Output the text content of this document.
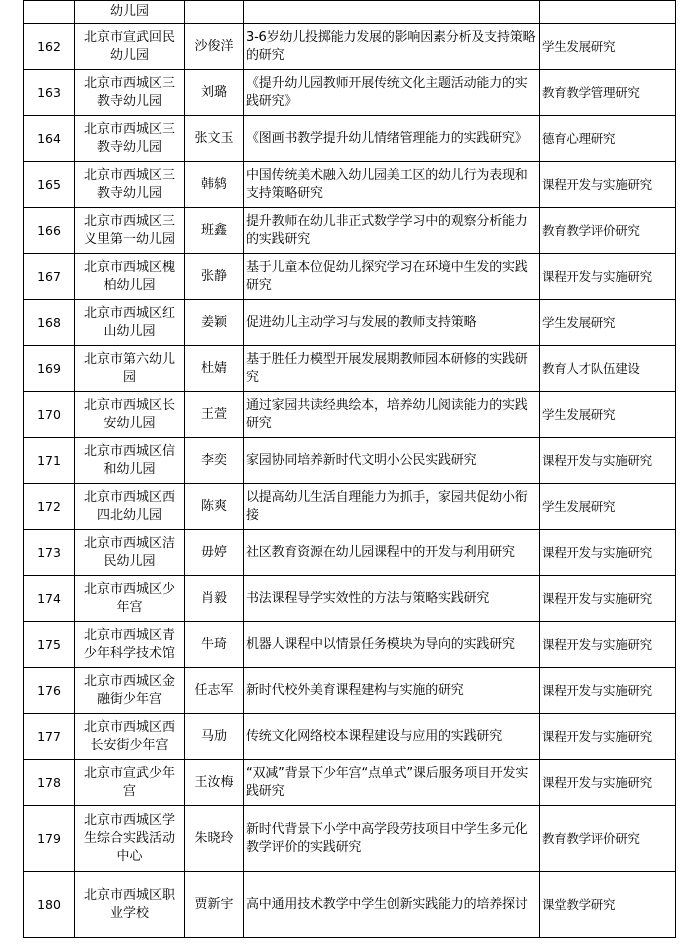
	幼儿园			
162	北京市宣武回民幼儿园	沙俊洋	3-6岁幼儿投掷能力发展的影响因素分析及支持策略的研究	学生发展研究
163	北京市西城区三教寺幼儿园	刘璐	《提升幼儿园教师开展传统文化主题活动能力的实践研究》	教育教学管理研究
164	北京市西城区三教寺幼儿园	张文玉	《图画书教学提升幼儿情绪管理能力的实践研究》	德育心理研究
165	北京市西城区三教寺幼儿园	韩鸫	中国传统美术融入幼儿园美工区的幼儿行为表现和支持策略研究	课程开发与实施研究
166	北京市西城区三义里第一幼儿园	班鑫	提升教师在幼儿非正式数学学习中的观察分析能力的实践研究	教育教学评价研究
167	北京市西城区槐柏幼儿园	张静	基于儿童本位促幼儿探究学习在环境中生发的实践研究	课程开发与实施研究
168	北京市西城区红山幼儿园	姜颖	促进幼儿主动学习与发展的教师支持策略	学生发展研究
169	北京市第六幼儿园	杜婧	基于胜任力模型开展发展期教师园本研修的实践研究	教育人才队伍建设
170	北京市西城区长安幼儿园	王萱	通过家园共读经典绘本，培养幼儿阅读能力的实践研究	学生发展研究
171	北京市西城区信和幼儿园	李奕	家园协同培养新时代文明小公民实践研究	课程开发与实施研究
172	北京市西城区西四北幼儿园	陈爽	以提高幼儿生活自理能力为抓手，家园共促幼小衔接	学生发展研究
173	北京市西城区洁民幼儿园	毋婷	社区教育资源在幼儿园课程中的开发与利用研究	课程开发与实施研究
174	北京市西城区少年宫	肖毅	书法课程导学实效性的方法与策略实践研究	课程开发与实施研究
175	北京市西城区青少年科学技术馆	牛琦	机器人课程中以情景任务模块为导向的实践研究	课程开发与实施研究
176	北京市西城区金融街少年宫	任志军	新时代校外美育课程建构与实施的研究	课程开发与实施研究
177	北京市西城区西长安街少年宫	马劢	传统文化网络校本课程建设与应用的实践研究	课程开发与实施研究
178	北京市宣武少年宫	王汝梅	“双减”背景下少年宫“点单式”课后服务项目开发实践研究	课程开发与实施研究
179	北京市西城区学生综合实践活动中心	朱晓玲	新时代背景下小学中高学段劳技项目中学生多元化教学评价的实践研究	教育教学评价研究
180	北京市西城区职业学校	贾新宇	高中通用技术教学中学生创新实践能力的培养探讨	课堂教学研究
